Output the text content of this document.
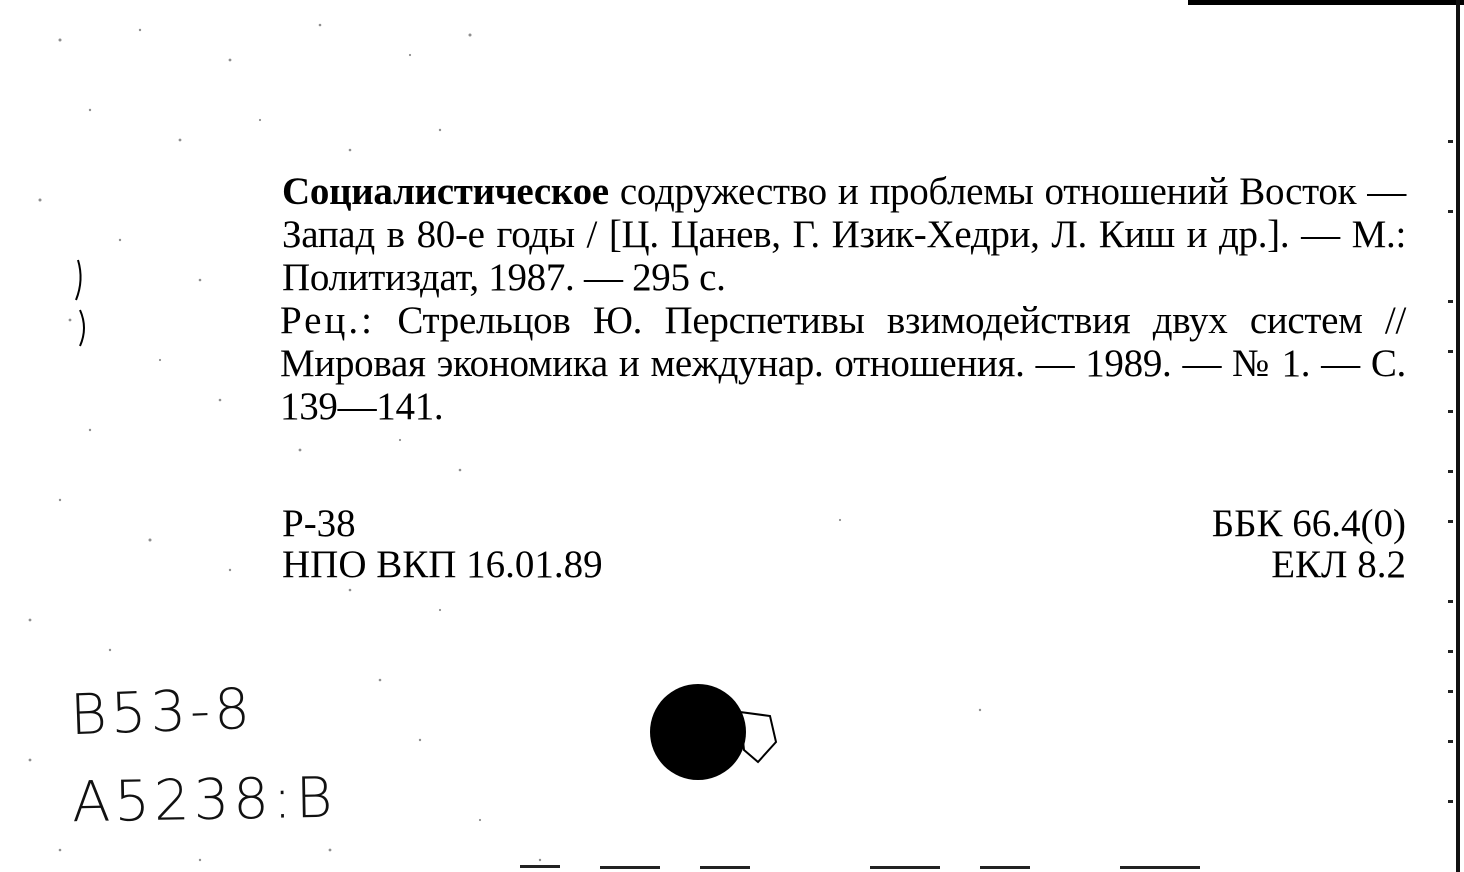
Социалистическое содружество и проблемы отношений Восток — Запад в 80-е годы / [Ц. Цанев, Г. Изик-Хедри, Л. Киш и др.]. — М.: Политиздат, 1987. — 295 с.

Рец.: Стрельцов Ю. Перспетивы взимодействия двух систем // Мировая экономика и междунар. отношения. — 1989. — № 1. — С. 139—141.

Р-38
НПО ВКП 16.01.89
ББК 66.4(0)
ЕКЛ 8.2
В53-8
А5238:В
